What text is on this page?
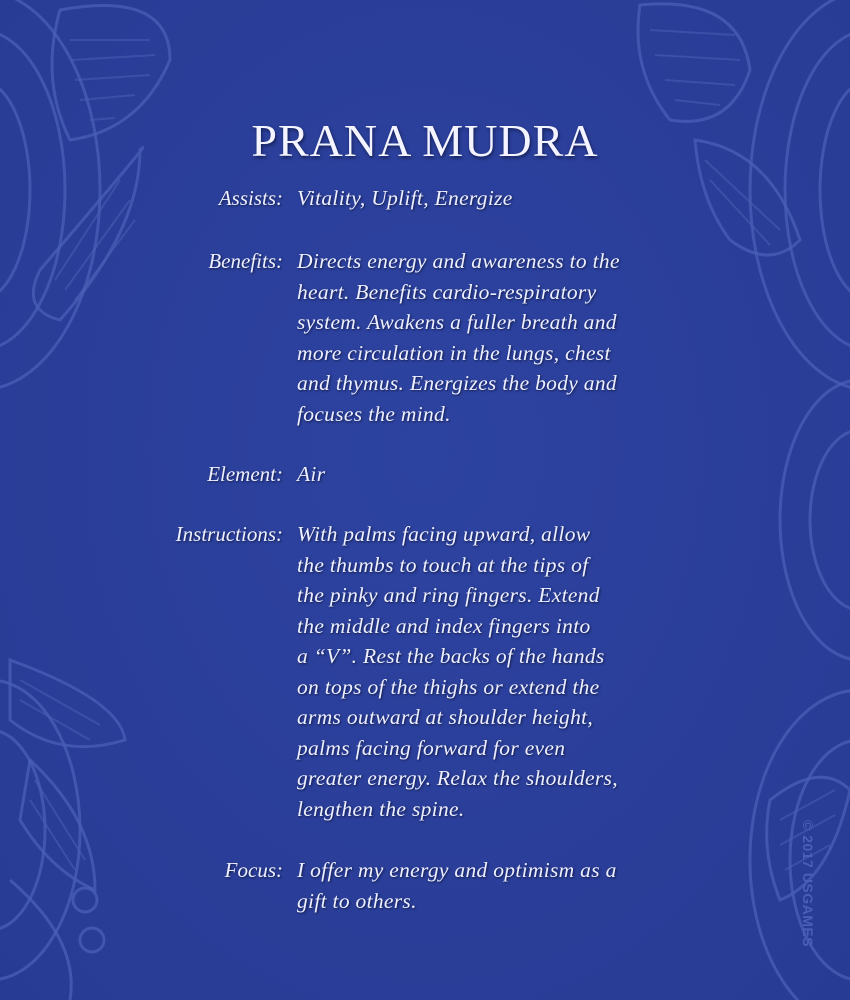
PRANA MUDRA
Assists: Vitality, Uplift, Energize
Benefits: Directs energy and awareness to the
heart. Benefits cardio-respiratory
system. Awakens a fuller breath and
more circulation in the lungs, chest
and thymus. Energizes the body and
focuses the mind.
Element: Air
Instructions: With palms facing upward, allow
the thumbs to touch at the tips of
the pinky and ring fingers. Extend
the middle and index fingers into
a “V”. Rest the backs of the hands
on tops of the thighs or extend the
arms outward at shoulder height,
palms facing forward for even
greater energy. Relax the shoulders,
lengthen the spine.
Focus: I offer my energy and optimism as a
gift to others.	© 2017 USGAMES
